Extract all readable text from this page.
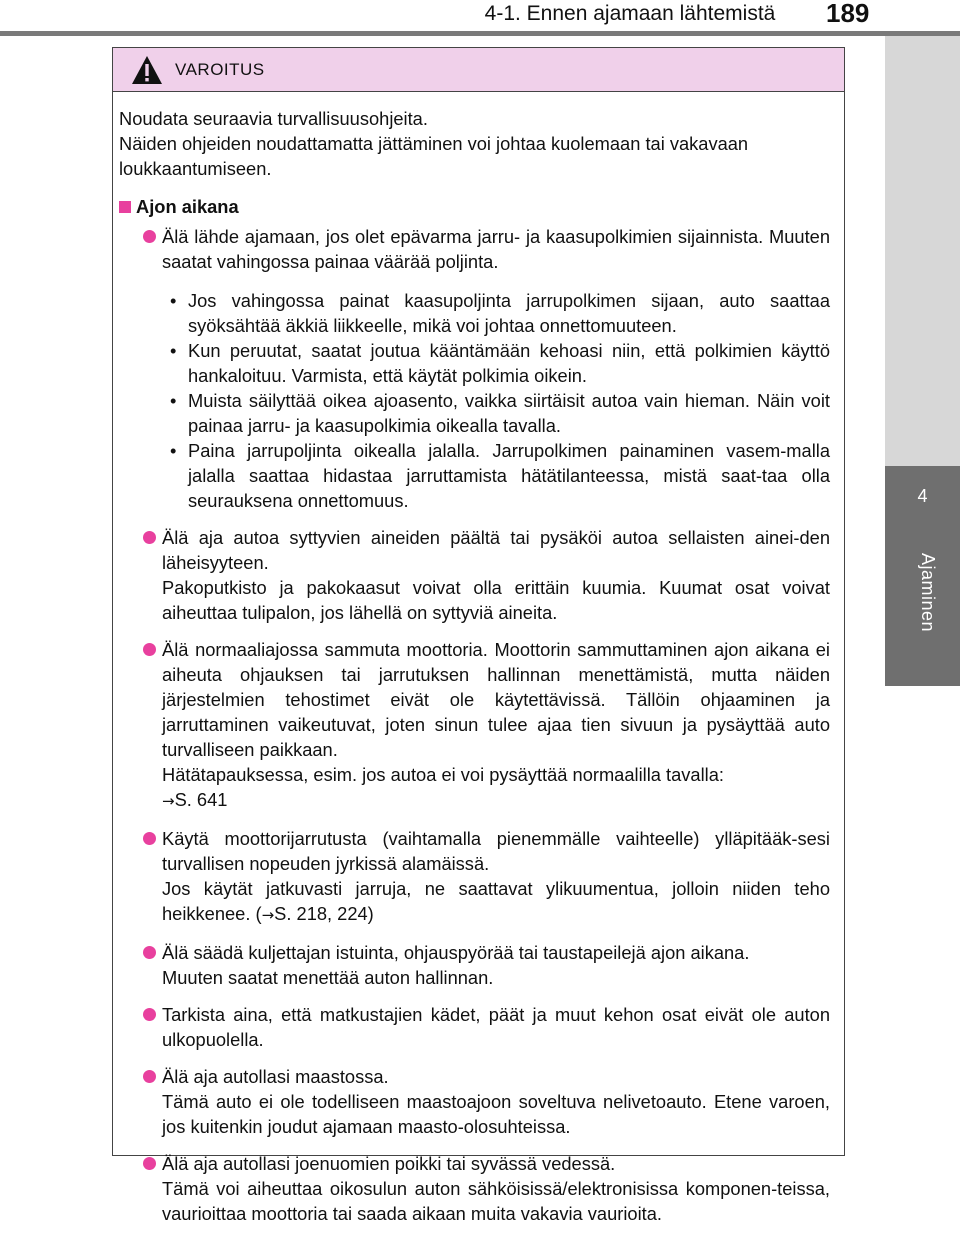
4-1. Ennen ajamaan lähtemistä	189
4
Ajaminen
VAROITUS
Noudata seuraavia turvallisuusohjeita.
Näiden ohjeiden noudattamatta jättäminen voi johtaa kuolemaan tai vakavaan loukkaantumiseen.
Ajon aikana

Älä lähde ajamaan, jos olet epävarma jarru- ja kaasupolkimien sijainnista. Muuten saatat vahingossa painaa väärää poljinta.

• Jos vahingossa painat kaasupoljinta jarrupolkimen sijaan, auto saattaa syöksähtää äkkiä liikkeelle, mikä voi johtaa onnettomuuteen.
• Kun peruutat, saatat joutua kääntämään kehoasi niin, että polkimien käyttö hankaloituu. Varmista, että käytät polkimia oikein.
• Muista säilyttää oikea ajoasento, vaikka siirtäisit autoa vain hieman. Näin voit painaa jarru- ja kaasupolkimia oikealla tavalla.
• Paina jarrupoljinta oikealla jalalla. Jarrupolkimen painaminen vasem-malla jalalla saattaa hidastaa jarruttamista hätätilanteessa, mistä saat-taa olla seurauksena onnettomuus.

Älä aja autoa syttyvien aineiden päältä tai pysäköi autoa sellaisten ainei-den läheisyyteen.

Pakoputkisto ja pakokaasut voivat olla erittäin kuumia. Kuumat osat voivat aiheuttaa tulipalon, jos lähellä on syttyviä aineita.

Älä normaaliajossa sammuta moottoria. Moottorin sammuttaminen ajon aikana ei aiheuta ohjauksen tai jarrutuksen hallinnan menettämistä, mutta näiden järjestelmien tehostimet eivät ole käytettävissä. Tällöin ohjaaminen ja jarruttaminen vaikeutuvat, joten sinun tulee ajaa tien sivuun ja pysäyttää auto turvalliseen paikkaan.

Hätätapauksessa, esim. jos autoa ei voi pysäyttää normaalilla tavalla:

→S. 641

Käytä moottorijarrutusta (vaihtamalla pienemmälle vaihteelle) ylläpitääk-sesi turvallisen nopeuden jyrkissä alamäissä.

Jos käytät jatkuvasti jarruja, ne saattavat ylikuumentua, jolloin niiden teho heikkenee. (→S. 218, 224)

Älä säädä kuljettajan istuinta, ohjauspyörää tai taustapeilejä ajon aikana.

Muuten saatat menettää auton hallinnan.

Tarkista aina, että matkustajien kädet, päät ja muut kehon osat eivät ole auton ulkopuolella.

Älä aja autollasi maastossa.

Tämä auto ei ole todelliseen maastoajoon soveltuva nelivetoauto. Etene varoen, jos kuitenkin joudut ajamaan maasto-olosuhteissa.

Älä aja autollasi joenuomien poikki tai syvässä vedessä.

Tämä voi aiheuttaa oikosulun auton sähköisissä/elektronisissa komponen-teissa, vaurioittaa moottoria tai saada aikaan muita vakavia vaurioita.
